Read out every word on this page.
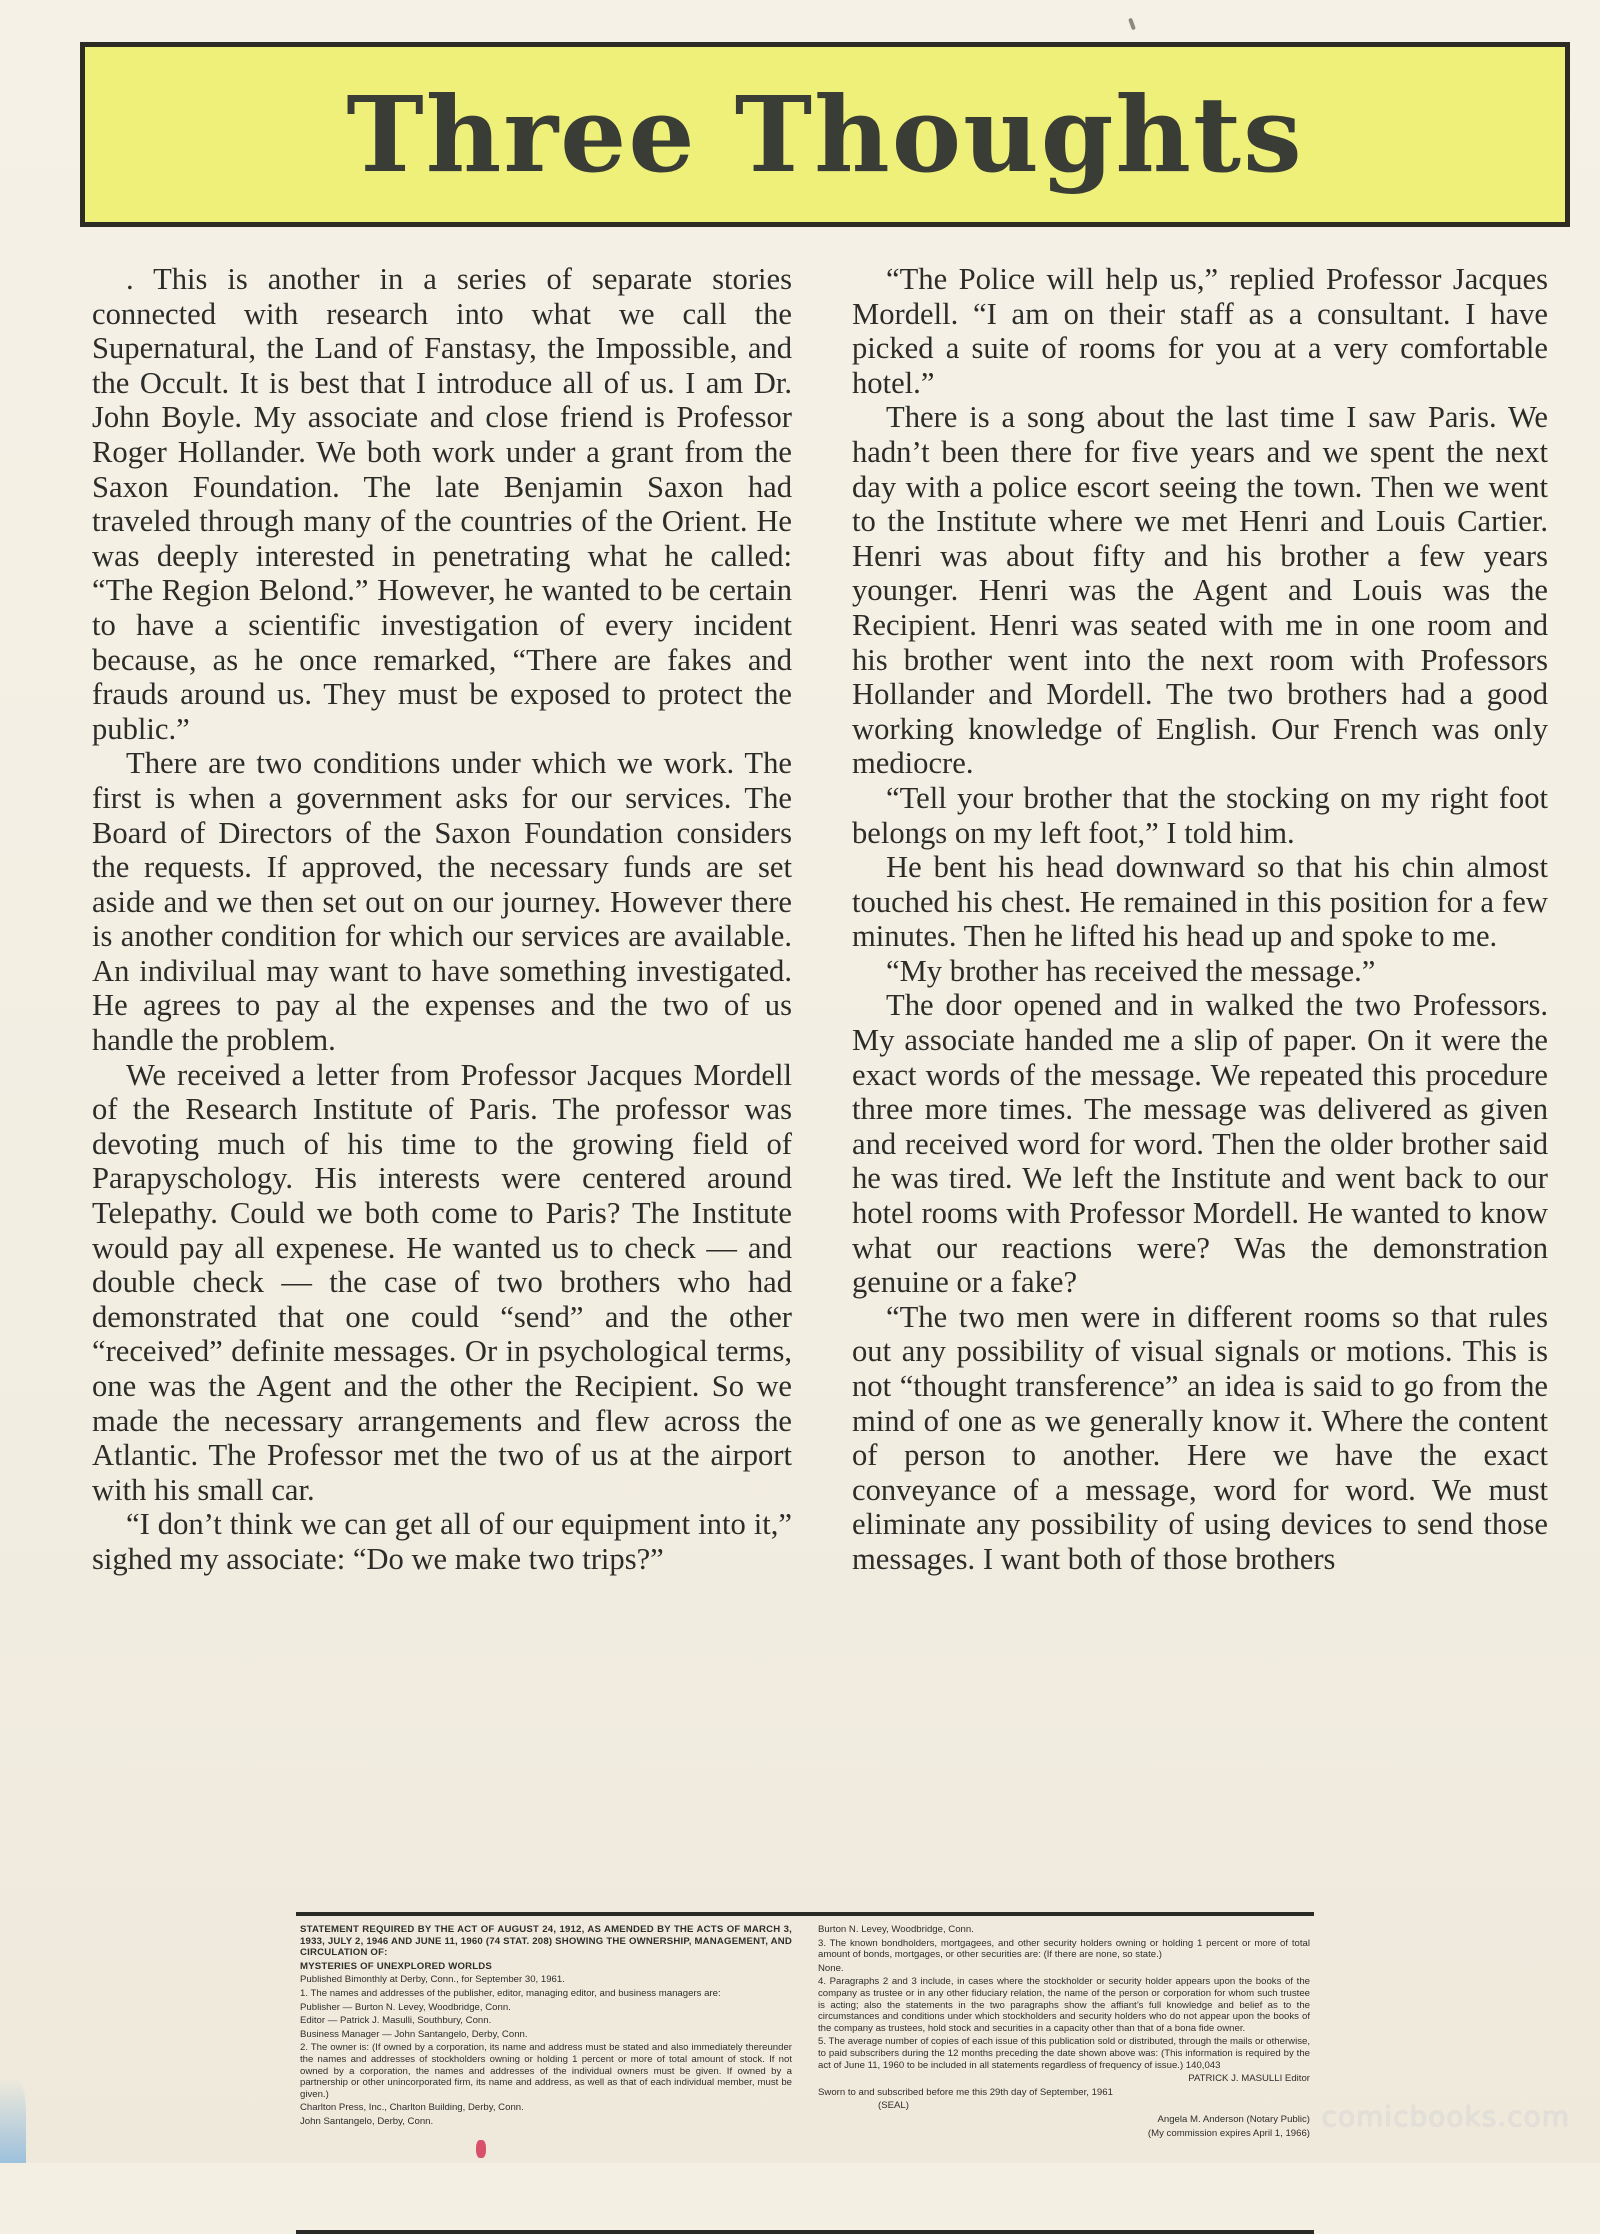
Three Thoughts

. This is another in a series of separate stories connected with research into what we call the Supernatural, the Land of Fanstasy, the Impossible, and the Occult. It is best that I introduce all of us. I am Dr. John Boyle. My associate and close friend is Professor Roger Hollander. We both work under a grant from the Saxon Foundation. The late Benjamin Saxon had traveled through many of the countries of the Orient. He was deeply interested in penetrating what he called: “The Region Belond.” However, he wanted to be certain to have a scientific investigation of every incident because, as he once remarked, “There are fakes and frauds around us. They must be exposed to protect the public.”

There are two conditions under which we work. The first is when a government asks for our services. The Board of Directors of the Saxon Foundation considers the requests. If approved, the necessary funds are set aside and we then set out on our journey. However there is another condition for which our services are available. An indivilual may want to have something investigated. He agrees to pay al the expenses and the two of us handle the problem.

We received a letter from Professor Jacques Mordell of the Research Institute of Paris. The professor was devoting much of his time to the growing field of Parapyschology. His interests were centered around Telepathy. Could we both come to Paris? The Institute would pay all expenese. He wanted us to check — and double check — the case of two brothers who had demonstrated that one could “send” and the other “received” definite messages. Or in psychological terms, one was the Agent and the other the Recipient. So we made the necessary arrangements and flew across the Atlantic. The Professor met the two of us at the airport with his small car.

“I don’t think we can get all of our equipment into it,” sighed my associate: “Do we make two trips?”

“The Police will help us,” replied Professor Jacques Mordell. “I am on their staff as a consultant. I have picked a suite of rooms for you at a very comfortable hotel.”

There is a song about the last time I saw Paris. We hadn’t been there for five years and we spent the next day with a police escort seeing the town. Then we went to the Institute where we met Henri and Louis Cartier. Henri was about fifty and his brother a few years younger. Henri was the Agent and Louis was the Recipient. Henri was seated with me in one room and his brother went into the next room with Professors Hollander and Mordell. The two brothers had a good working knowledge of English. Our French was only mediocre.

“Tell your brother that the stocking on my right foot belongs on my left foot,” I told him.

He bent his head downward so that his chin almost touched his chest. He remained in this position for a few minutes. Then he lifted his head up and spoke to me.

“My brother has received the message.”

The door opened and in walked the two Professors. My associate handed me a slip of paper. On it were the exact words of the message. We repeated this procedure three more times. The message was delivered as given and received word for word. Then the older brother said he was tired. We left the Institute and went back to our hotel rooms with Professor Mordell. He wanted to know what our reactions were? Was the demonstration genuine or a fake?

“The two men were in different rooms so that rules out any possibility of visual signals or motions. This is not “thought transference” an idea is said to go from the mind of one as we generally know it. Where the content of person to another. Here we have the exact conveyance of a message, word for word. We must eliminate any possibility of using devices to send those messages. I want both of those brothers

STATEMENT REQUIRED BY THE ACT OF AUGUST 24, 1912, AS AMENDED BY THE ACTS OF MARCH 3, 1933, JULY 2, 1946 AND JUNE 11, 1960 (74 STAT. 208) SHOWING THE OWNERSHIP, MANAGEMENT, AND CIRCULATION OF:

MYSTERIES OF UNEXPLORED WORLDS

Published Bimonthly at Derby, Conn., for September 30, 1961.

1. The names and addresses of the publisher, editor, managing editor, and business managers are:

Publisher — Burton N. Levey, Woodbridge, Conn.

Editor — Patrick J. Masulli, Southbury, Conn.

Business Manager — John Santangelo, Derby, Conn.

2. The owner is: (If owned by a corporation, its name and address must be stated and also immediately thereunder the names and addresses of stockholders owning or holding 1 percent or more of total amount of stock. If not owned by a corporation, the names and addresses of the individual owners must be given. If owned by a partnership or other unincorporated firm, its name and address, as well as that of each individual member, must be given.)

Charlton Press, Inc., Charlton Building, Derby, Conn.

John Santangelo, Derby, Conn.

Burton N. Levey, Woodbridge, Conn.

3. The known bondholders, mortgagees, and other security holders owning or holding 1 percent or more of total amount of bonds, mortgages, or other securities are: (If there are none, so state.)

None.

4. Paragraphs 2 and 3 include, in cases where the stockholder or security holder appears upon the books of the company as trustee or in any other fiduciary relation, the name of the person or corporation for whom such trustee is acting; also the statements in the two paragraphs show the affiant’s full knowledge and belief as to the circumstances and conditions under which stockholders and security holders who do not appear upon the books of the company as trustees, hold stock and securities in a capacity other than that of a bona fide owner.

5. The average number of copies of each issue of this publication sold or distributed, through the mails or otherwise, to paid subscribers during the 12 months preceding the date shown above was: (This information is required by the act of June 11, 1960 to be included in all statements regardless of frequency of issue.) 140,043

PATRICK J. MASULLI Editor

Sworn to and subscribed before me this 29th day of September, 1961

(SEAL)

Angela M. Anderson (Notary Public)

(My commission expires April 1, 1966) comicbooks.com
